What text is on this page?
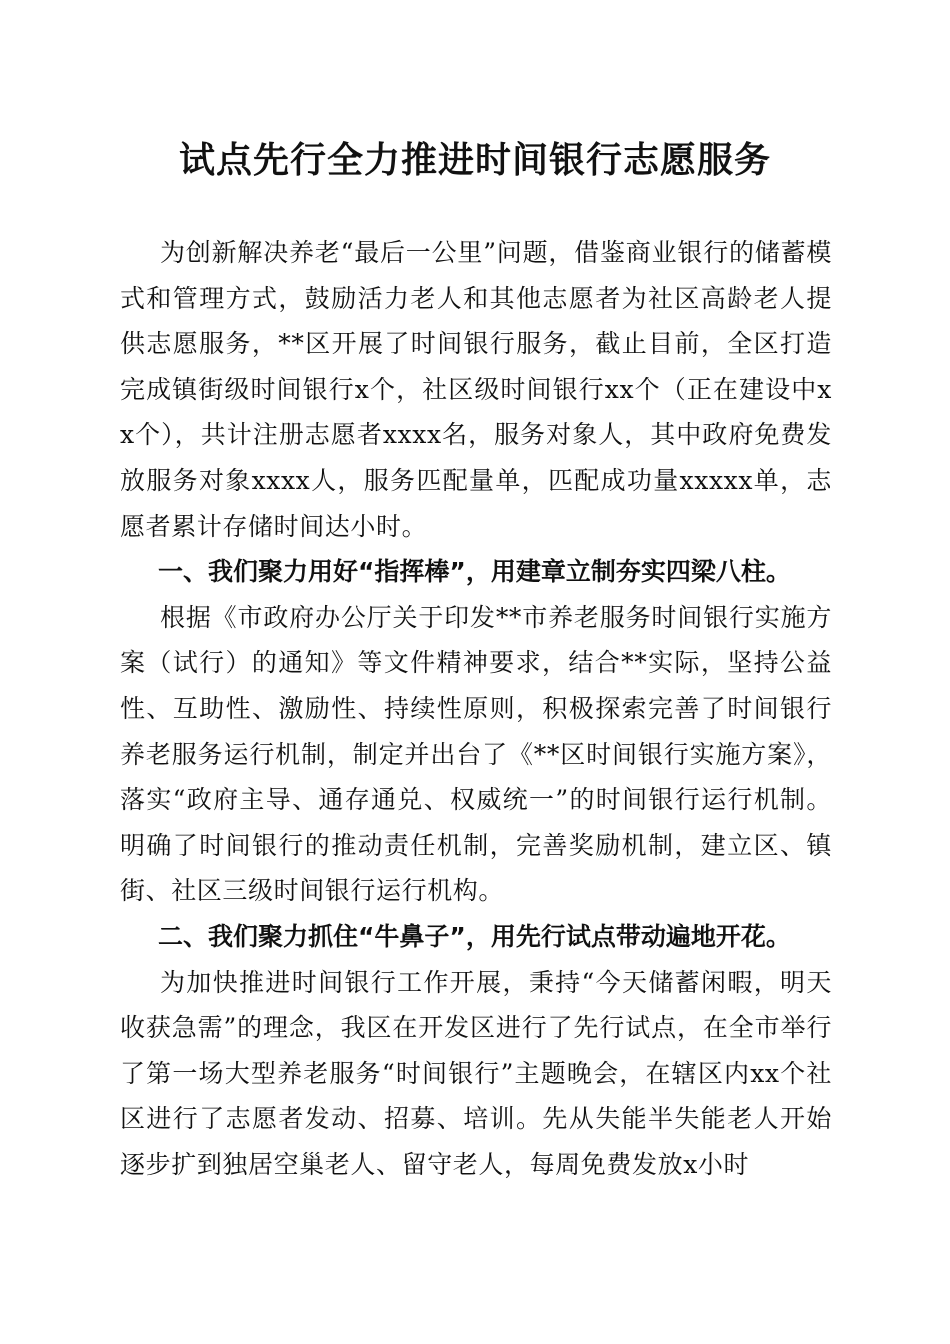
试点先行全力推进时间银行志愿服务

为创新解决养老“最后一公里”问题，借鉴商业银行的储蓄模式和管理方式，鼓励活力老人和其他志愿者为社区高龄老人提供志愿服务，**区开展了时间银行服务，截止目前，全区打造完成镇街级时间银行x个，社区级时间银行xx个（正在建设中xx个），共计注册志愿者xxxx名，服务对象人，其中政府免费发放服务对象xxxx人，服务匹配量单，匹配成功量xxxxx单，志愿者累计存储时间达小时。

一、我们聚力用好“指挥棒”，用建章立制夯实四梁八柱。

根据《市政府办公厅关于印发**市养老服务时间银行实施方案（试行）的通知》等文件精神要求，结合**实际，坚持公益性、互助性、激励性、持续性原则，积极探索完善了时间银行养老服务运行机制，制定并出台了《**区时间银行实施方案》，落实“政府主导、通存通兑、权威统一”的时间银行运行机制。明确了时间银行的推动责任机制，完善奖励机制，建立区、镇街、社区三级时间银行运行机构。

二、我们聚力抓住“牛鼻子”，用先行试点带动遍地开花。

为加快推进时间银行工作开展，秉持“今天储蓄闲暇，明天收获急需”的理念，我区在开发区进行了先行试点，在全市举行了第一场大型养老服务“时间银行”主题晚会，在辖区内xx个社区进行了志愿者发动、招募、培训。先从失能半失能老人开始逐步扩到独居空巢老人、留守老人，每周免费发放x小时
